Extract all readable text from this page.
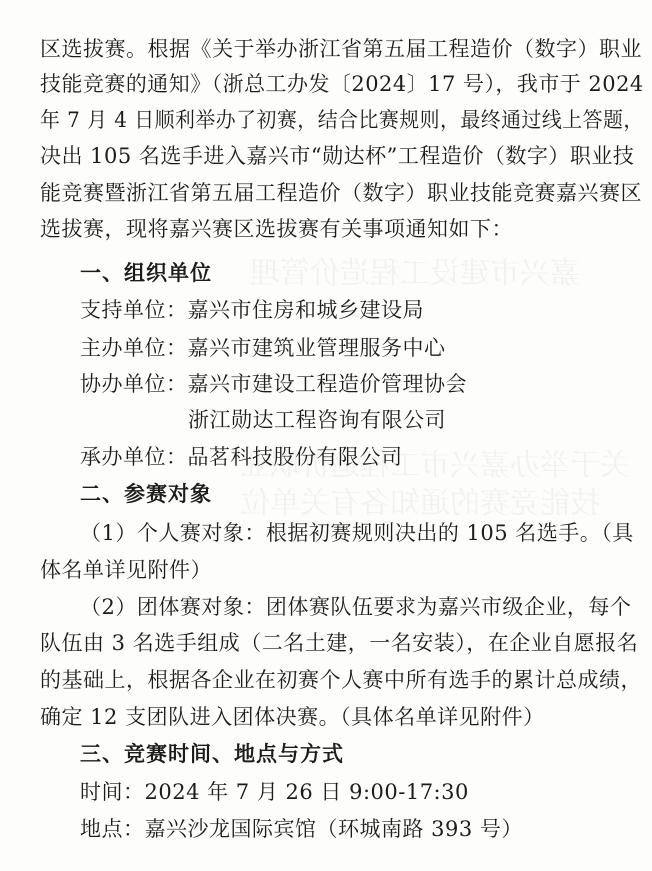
区选拔赛。根据《关于举办浙江省第五届工程造价（数字）职业
技能竞赛的通知》（浙总工办发〔2024〕17 号），我市于 2024
年 7 月 4 日顺利举办了初赛，结合比赛规则，最终通过线上答题，
决出 105 名选手进入嘉兴市“勋达杯”工程造价（数字）职业技
能竞赛暨浙江省第五届工程造价（数字）职业技能竞赛嘉兴赛区
选拔赛，现将嘉兴赛区选拔赛有关事项通知如下：
一、组织单位
支持单位：嘉兴市住房和城乡建设局
主办单位：嘉兴市建筑业管理服务中心
协办单位：嘉兴市建设工程造价管理协会
浙江勋达工程咨询有限公司
承办单位：品茗科技股份有限公司
二、参赛对象
（1）个人赛对象：根据初赛规则决出的 105 名选手。（具
体名单详见附件）
（2）团体赛对象：团体赛队伍要求为嘉兴市级企业，每个
队伍由 3 名选手组成（二名土建，一名安装），在企业自愿报名
的基础上，根据各企业在初赛个人赛中所有选手的累计总成绩，
确定 12 支团队进入团体决赛。（具体名单详见附件）
三、竞赛时间、地点与方式
时间：2024 年 7 月 26 日 9:00-17:30
地点：嘉兴沙龙国际宾馆（环城南路 393 号）
